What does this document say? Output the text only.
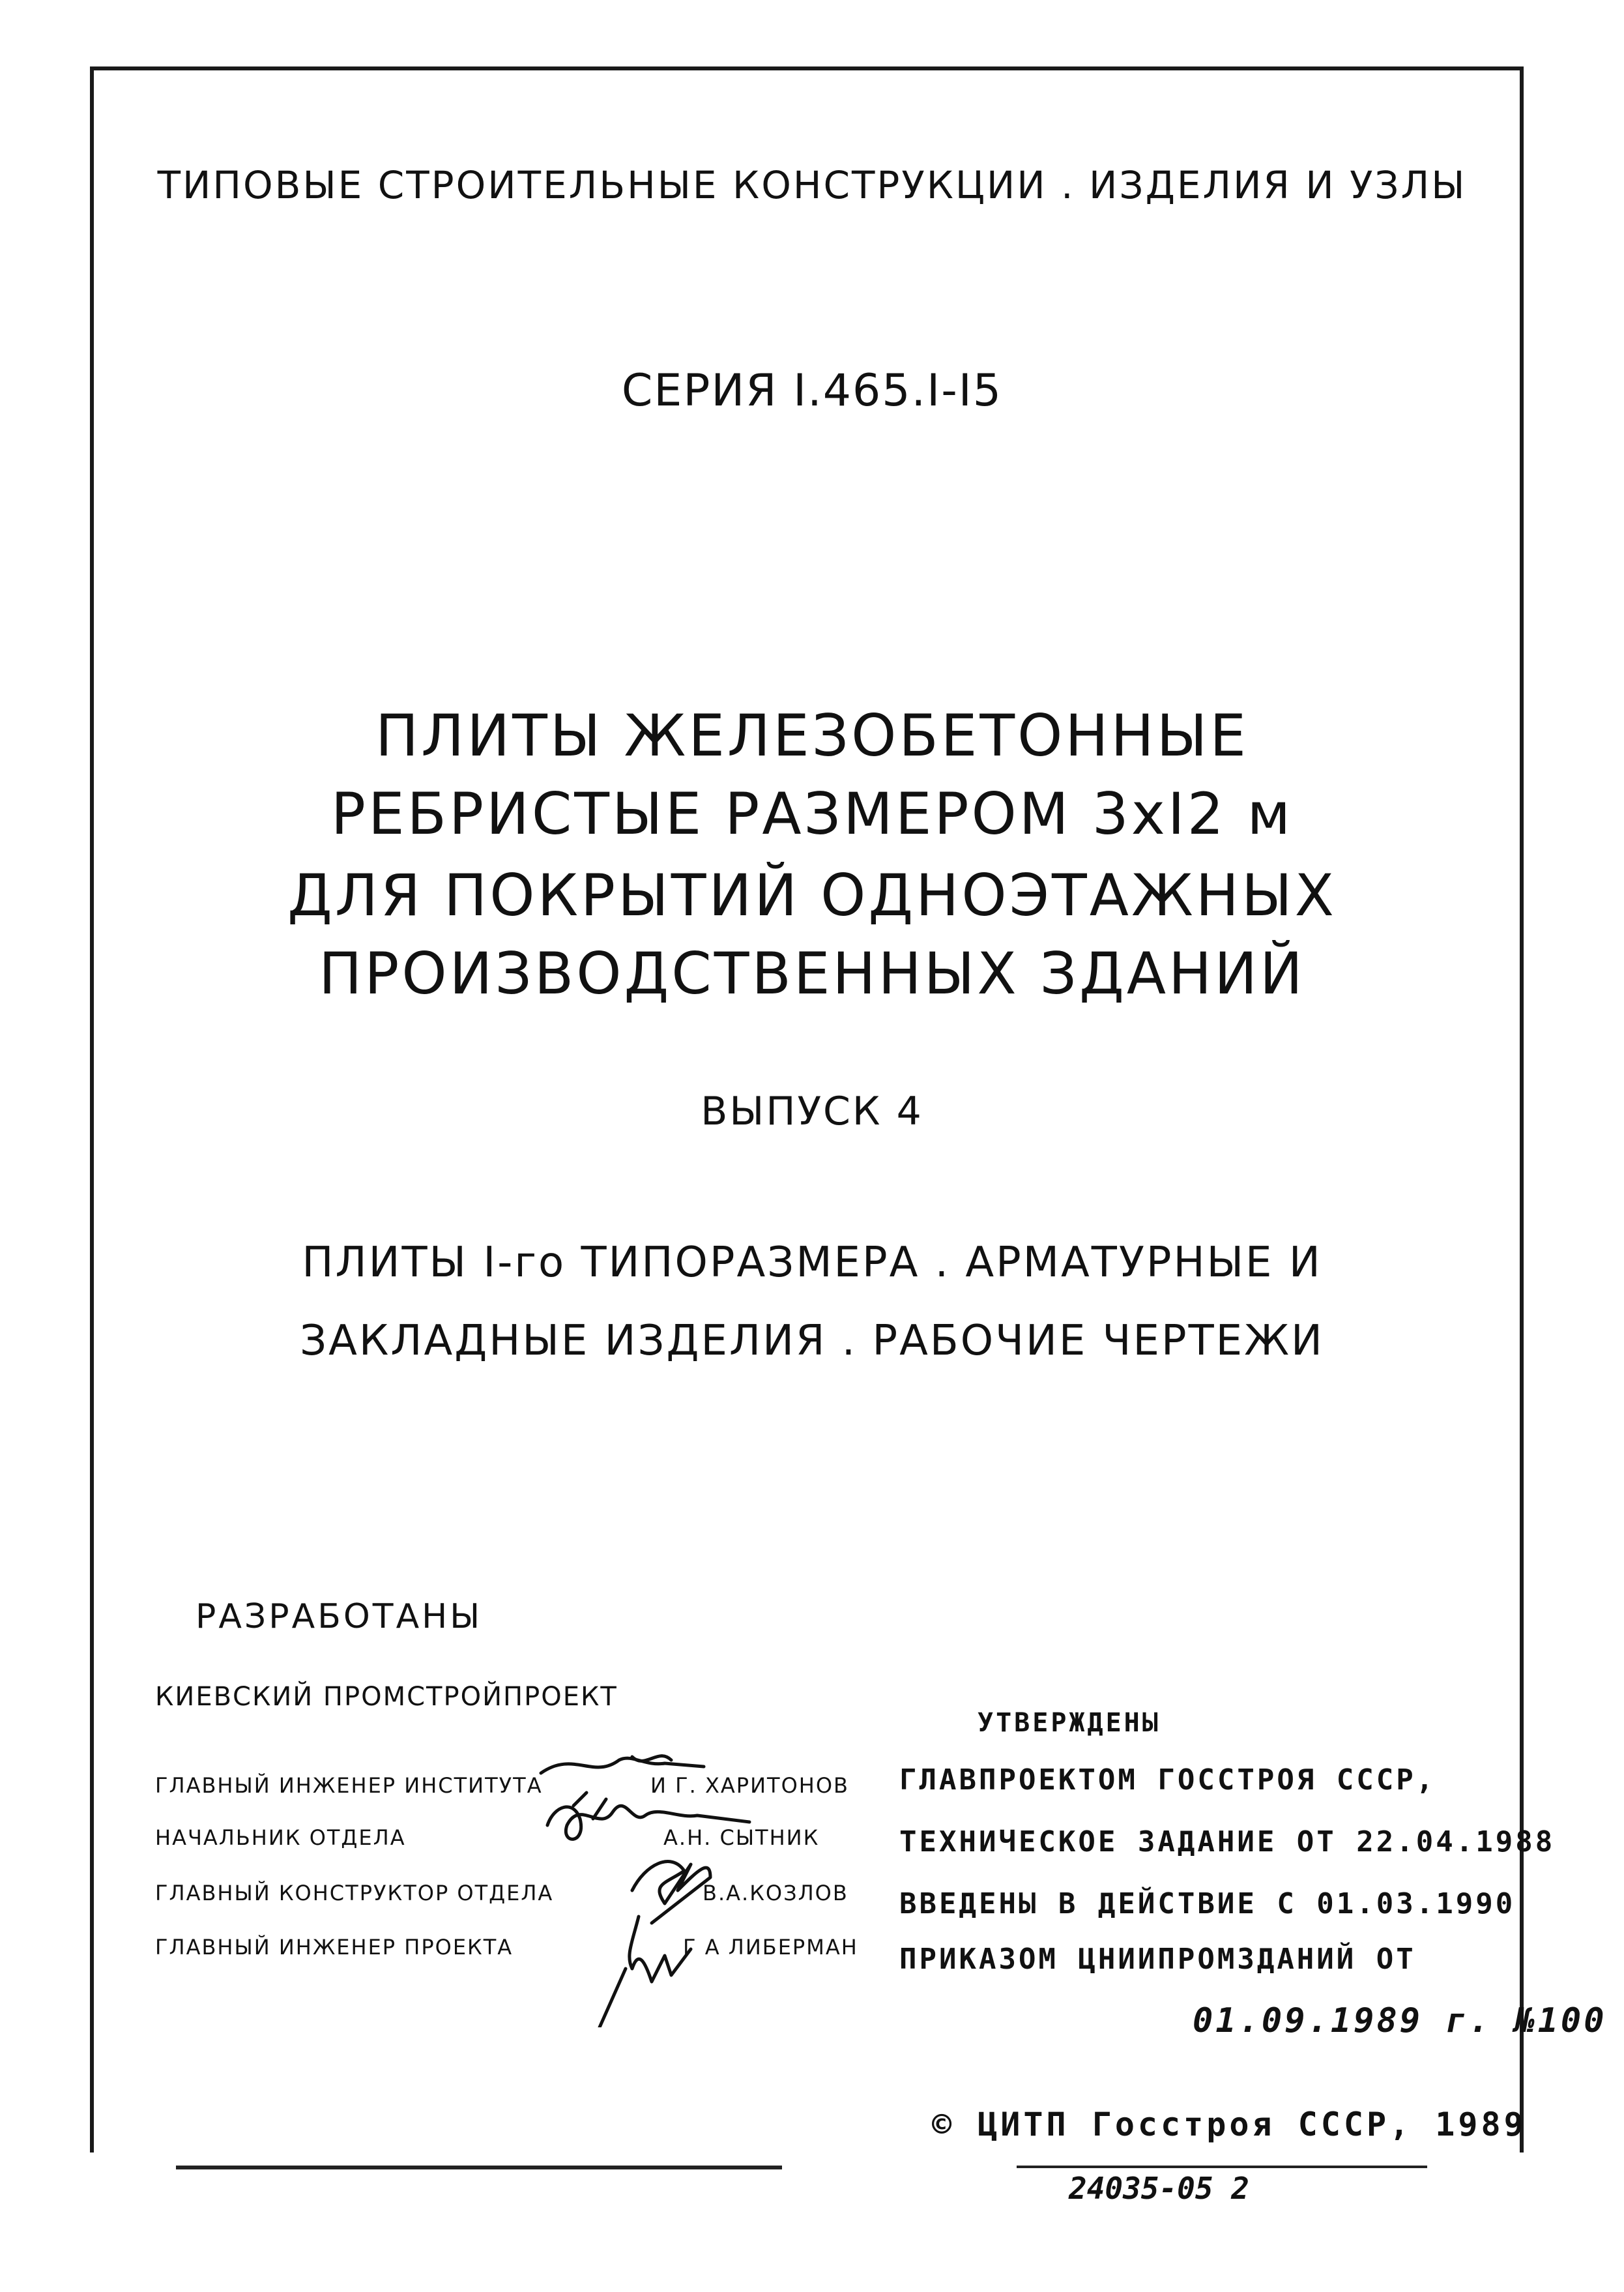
ТИПОВЫЕ СТРОИТЕЛЬНЫЕ КОНСТРУКЦИИ . ИЗДЕЛИЯ И УЗЛЫ
СЕРИЯ I.465.I-I5
ПЛИТЫ ЖЕЛЕЗОБЕТОННЫЕ
РЕБРИСТЫЕ РАЗМЕРОМ 3хI2 м
ДЛЯ ПОКРЫТИЙ ОДНОЭТАЖНЫХ
ПРОИЗВОДСТВЕННЫХ ЗДАНИЙ
ВЫПУСК 4
ПЛИТЫ I-го ТИПОРАЗМЕРА . АРМАТУРНЫЕ И
ЗАКЛАДНЫЕ ИЗДЕЛИЯ . РАБОЧИЕ ЧЕРТЕЖИ
РАЗРАБОТАНЫ
КИЕВСКИЙ ПРОМСТРОЙПРОЕКТ
ГЛАВНЫЙ ИНЖЕНЕР ИНСТИТУТА	И Г. ХАРИТОНОВ
НАЧАЛЬНИК ОТДЕЛА	А.Н. СЫТНИК
ГЛАВНЫЙ КОНСТРУКТОР ОТДЕЛА	В.А.КОЗЛОВ
ГЛАВНЫЙ ИНЖЕНЕР ПРОЕКТА	Г А ЛИБЕРМАН
УТВЕРЖДЕНЫ
ГЛАВПРОЕКТОМ ГОССТРОЯ СССР,
ТЕХНИЧЕСКОЕ ЗАДАНИЕ ОТ 22.04.1988
ВВЕДЕНЫ В ДЕЙСТВИЕ С 01.03.1990
ПРИКАЗОМ ЦНИИПРОМЗДАНИЙ ОТ
01.09.1989 г. №100
© ЦИТП Госстроя СССР, 1989
24035-05 2
